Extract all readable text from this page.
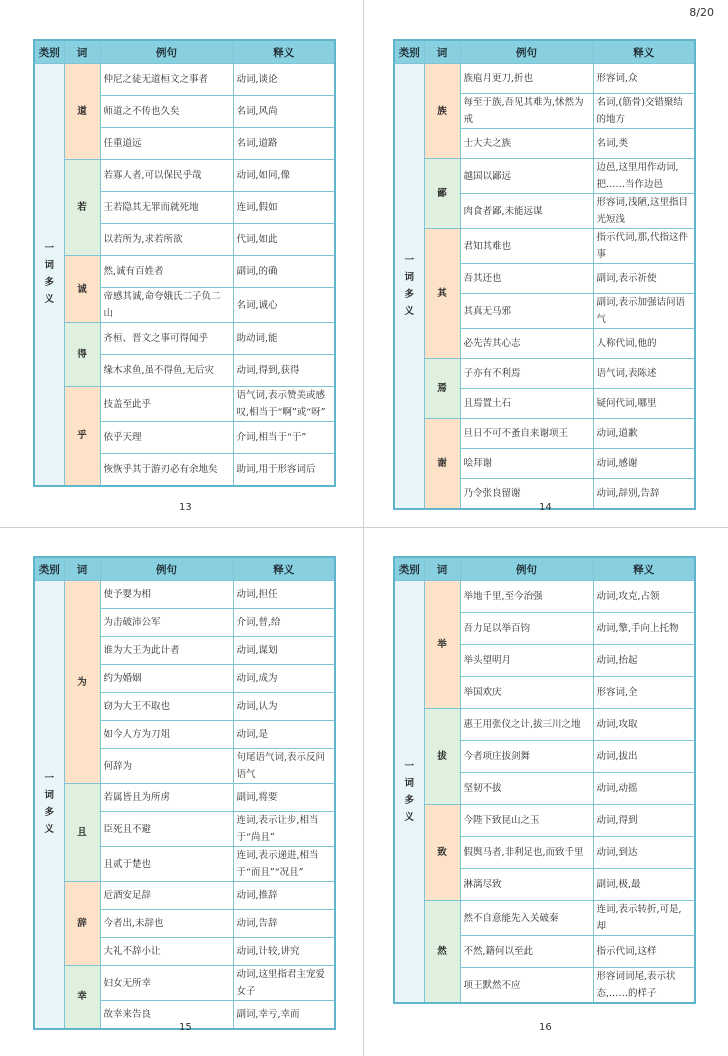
8/20
类别	词	例句	释义

一
词
多
义	道	仲尼之徒无道桓文之事者	动词,谈论
		师道之不传也久矣	名词,风尚
		任重道远	名词,道路
	若	若寡人者,可以保民乎哉	动词,如同,像
		王若隐其无罪而就死地	连词,假如
		以若所为,求若所欲	代词,如此
	诚	然,诚有百姓者	副词,的确
		帝感其诚,命夸娥氏二子负二山	名词,诚心
	得	齐桓、晋文之事可得闻乎	助动词,能
		缘木求鱼,虽不得鱼,无后灾	动词,得到,获得
	乎	技盖至此乎	语气词,表示赞美或感叹,相当于“啊”或“呀”
		依乎天理	介词,相当于“于”
		恢恢乎其于游刃必有余地矣	助词,用于形容词后
类别	词	例句	释义

一
词
多
义	族	族庖月更刀,折也	形容词,众
		每至于族,吾见其难为,怵然为戒	名词,(筋骨)交错聚结的地方
		士大夫之族	名词,类
	鄙	越国以鄙远	边邑,这里用作动词,把……当作边邑
		肉食者鄙,未能远谋	形容词,浅陋,这里指目光短浅
	其	君知其难也	指示代词,那,代指这件事
		吾其还也	副词,表示祈使
		其真无马邪	副词,表示加强诘问语气
		必先苦其心志	人称代词,他的
	焉	子亦有不利焉	语气词,表陈述
		且焉置土石	疑问代词,哪里
	谢	旦日不可不蚤自来谢项王	动词,道歉
		哙拜谢	动词,感谢
		乃令张良留谢	动词,辞别,告辞
类别	词	例句	释义

一
词
多
义	为	使予婴为相	动词,担任
		为击破沛公军	介词,替,给
		谁为大王为此计者	动词,谋划
		约为婚姻	动词,成为
		窃为大王不取也	动词,认为
		如今人方为刀俎	动词,是
		何辞为	句尾语气词,表示反问语气
	且	若属皆且为所虏	副词,将要
		臣死且不避	连词,表示让步,相当于“尚且”
		且贰于楚也	连词,表示递进,相当于“而且”“况且”
	辞	卮酒安足辞	动词,推辞
		今者出,未辞也	动词,告辞
		大礼不辞小让	动词,计较,讲究
	幸	妇女无所幸	动词,这里指君主宠爱女子
		故幸来告良	副词,幸亏,幸而
类别	词	例句	释义

一
词
多
义	举	举地千里,至今治强	动词,攻克,占领
		吾力足以举百钧	动词,擎,手向上托物
		举头望明月	动词,抬起
		举国欢庆	形容词,全
	拔	惠王用张仪之计,拔三川之地	动词,攻取
		今者项庄拔剑舞	动词,拔出
		坚韧不拔	动词,动摇
	致	今陛下致昆山之玉	动词,得到
		假舆马者,非利足也,而致千里	动词,到达
		淋漓尽致	副词,极,最
	然	然不自意能先入关破秦	连词,表示转折,可是,却
		不然,籍何以至此	指示代词,这样
		项王默然不应	形容词词尾,表示状态,……的样子
13	14
15	16
